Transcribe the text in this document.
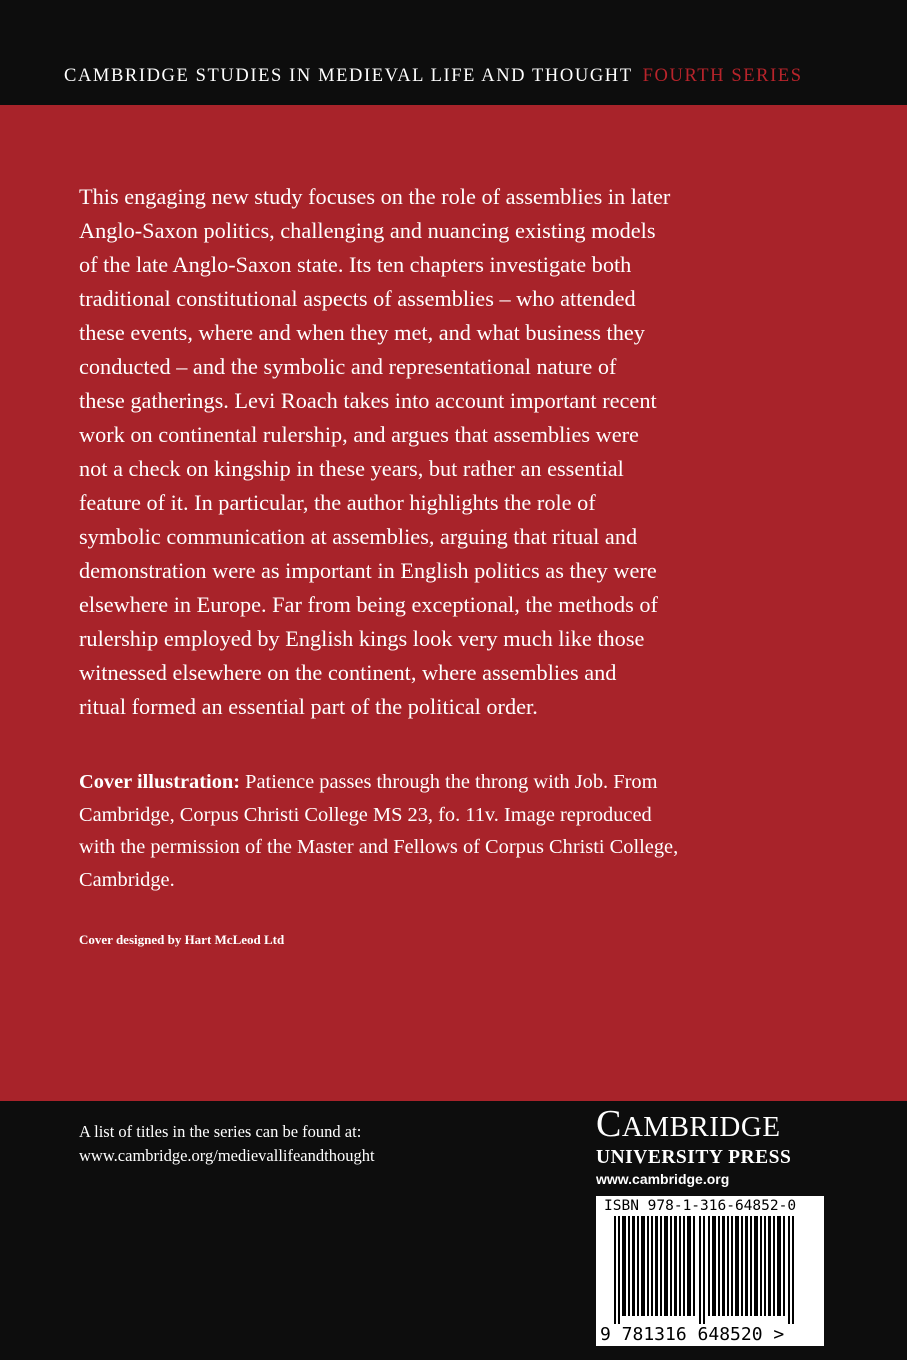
CAMBRIDGE STUDIES IN MEDIEVAL LIFE AND THOUGHT FOURTH SERIES
This engaging new study focuses on the role of assemblies in later
Anglo-Saxon politics, challenging and nuancing existing models
of the late Anglo-Saxon state. Its ten chapters investigate both
traditional constitutional aspects of assemblies – who attended
these events, where and when they met, and what business they
conducted – and the symbolic and representational nature of
these gatherings. Levi Roach takes into account important recent
work on continental rulership, and argues that assemblies were
not a check on kingship in these years, but rather an essential
feature of it. In particular, the author highlights the role of
symbolic communication at assemblies, arguing that ritual and
demonstration were as important in English politics as they were
elsewhere in Europe. Far from being exceptional, the methods of
rulership employed by English kings look very much like those
witnessed elsewhere on the continent, where assemblies and
ritual formed an essential part of the political order.
Cover illustration: Patience passes through the throng with Job. From
Cambridge, Corpus Christi College MS 23, fo. 11v. Image reproduced
with the permission of the Master and Fellows of Corpus Christi College,
Cambridge.
Cover designed by Hart McLeod Ltd
A list of titles in the series can be found at:
www.cambridge.org/medievallifeandthought
CAMBRIDGE
UNIVERSITY PRESS
www.cambridge.org
ISBN 978-1-316-64852-0
9 781316 648520 >
